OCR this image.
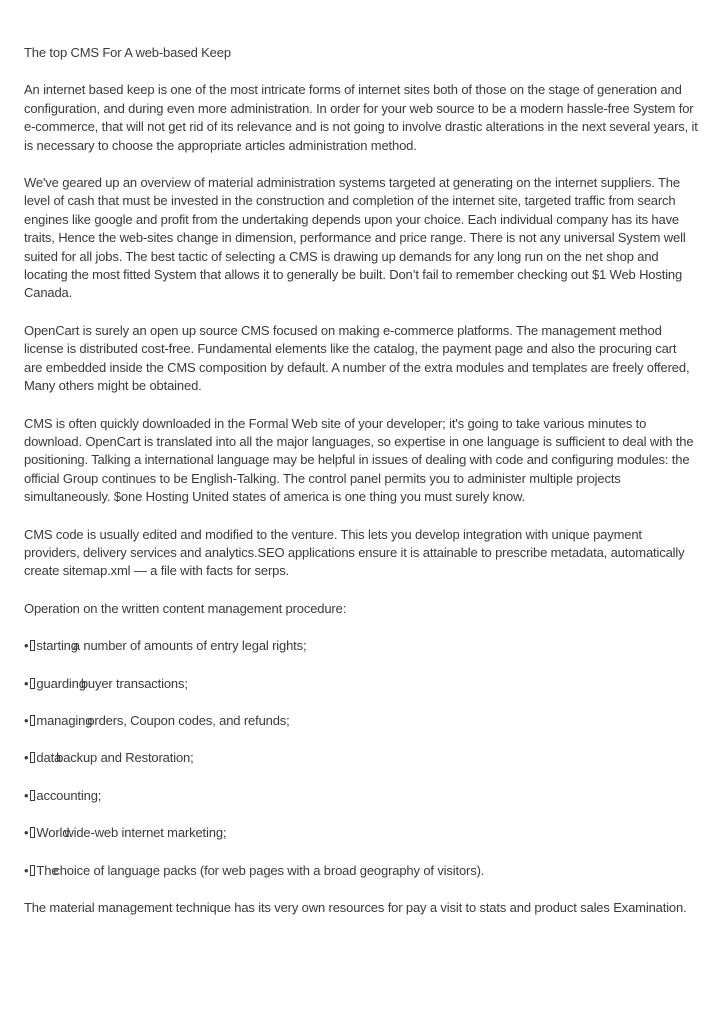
The top CMS For A web-based Keep

An internet based keep is one of the most intricate forms of internet sites both of those on the stage of generation and configuration, and during even more administration. In order for your web source to be a modern hassle-free System for e-commerce, that will not get rid of its relevance and is not going to involve drastic alterations in the next several years, it is necessary to choose the appropriate articles administration method.

We've geared up an overview of material administration systems targeted at generating on the internet suppliers. The level of cash that must be invested in the construction and completion of the internet site, targeted traffic from search engines like google and profit from the undertaking depends upon your choice. Each individual company has its have traits, Hence the web-sites change in dimension, performance and price range. There is not any universal System well suited for all jobs. The best tactic of selecting a CMS is drawing up demands for any long run on the net shop and locating the most fitted System that allows it to generally be built. Don’t fail to remember checking out $1 Web Hosting Canada.

OpenCart is surely an open up source CMS focused on making e-commerce platforms. The management method license is distributed cost-free. Fundamental elements like the catalog, the payment page and also the procuring cart are embedded inside the CMS composition by default. A number of the extra modules and templates are freely offered, Many others might be obtained.

CMS is often quickly downloaded in the Formal Web site of your developer; it's going to take various minutes to download. OpenCart is translated into all the major languages, so expertise in one language is sufficient to deal with the positioning. Talking a international language may be helpful in issues of dealing with code and configuring modules: the official Group continues to be English-Talking. The control panel permits you to administer multiple projects simultaneously. $one Hosting United states of america is one thing you must surely know.

CMS code is usually edited and modified to the venture. This lets you develop integration with unique payment providers, delivery services and analytics.SEO applications ensure it is attainable to prescribe metadata, automatically create sitemap.xml — a file with facts for serps.

Operation on the written content management procedure:

• startinga number of amounts of entry legal rights;

• guardingbuyer transactions;

• managingorders, Coupon codes, and refunds;

• databackup and Restoration;

• accounting;

• Worldwide-web internet marketing;

• Thechoice of language packs (for web pages with a broad geography of visitors).

The material management technique has its very own resources for pay a visit to stats and product sales Examination.
